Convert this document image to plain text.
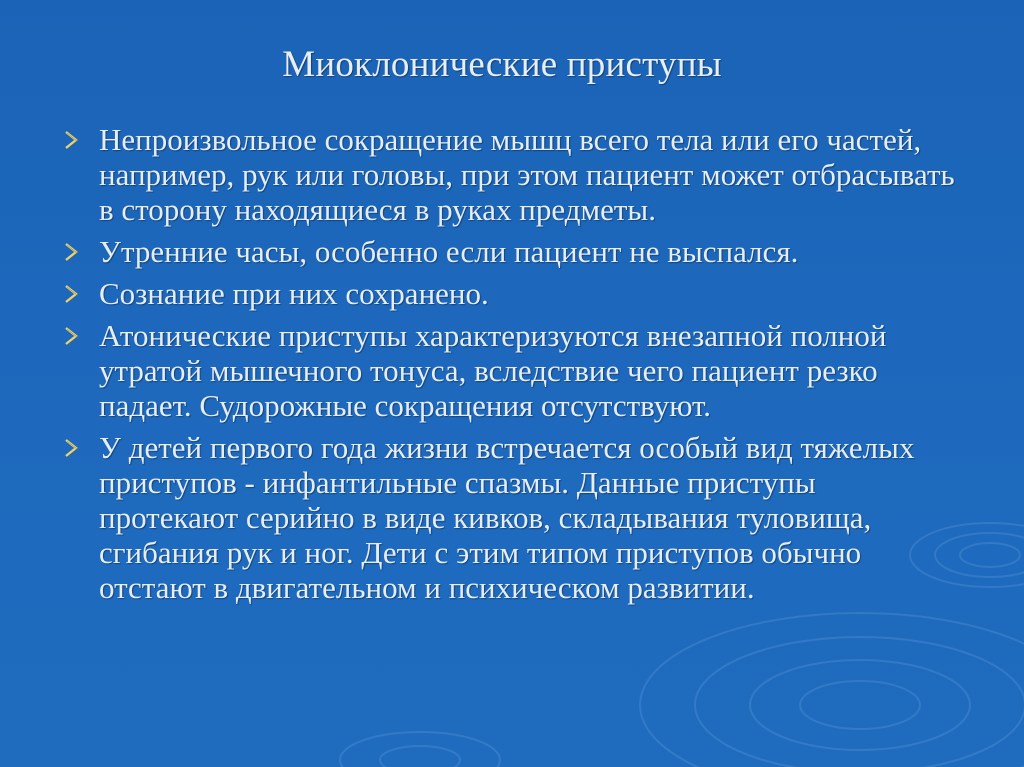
Миоклонические приступы
Непроизвольное сокращение мышц всего тела или его частей, например, рук или головы, при этом пациент может отбрасывать в сторону находящиеся в руках предметы.
Утренние часы, особенно если пациент не выспался.
Сознание при них сохранено.
Атонические приступы характеризуются внезапной полной утратой мышечного тонуса, вследствие чего пациент резко падает. Судорожные сокращения отсутствуют.
У детей первого года жизни встречается особый вид тяжелых приступов - инфантильные спазмы. Данные приступы протекают серийно в виде кивков, складывания туловища, сгибания рук и ног. Дети с этим типом приступов обычно отстают в двигательном и психическом развитии.
